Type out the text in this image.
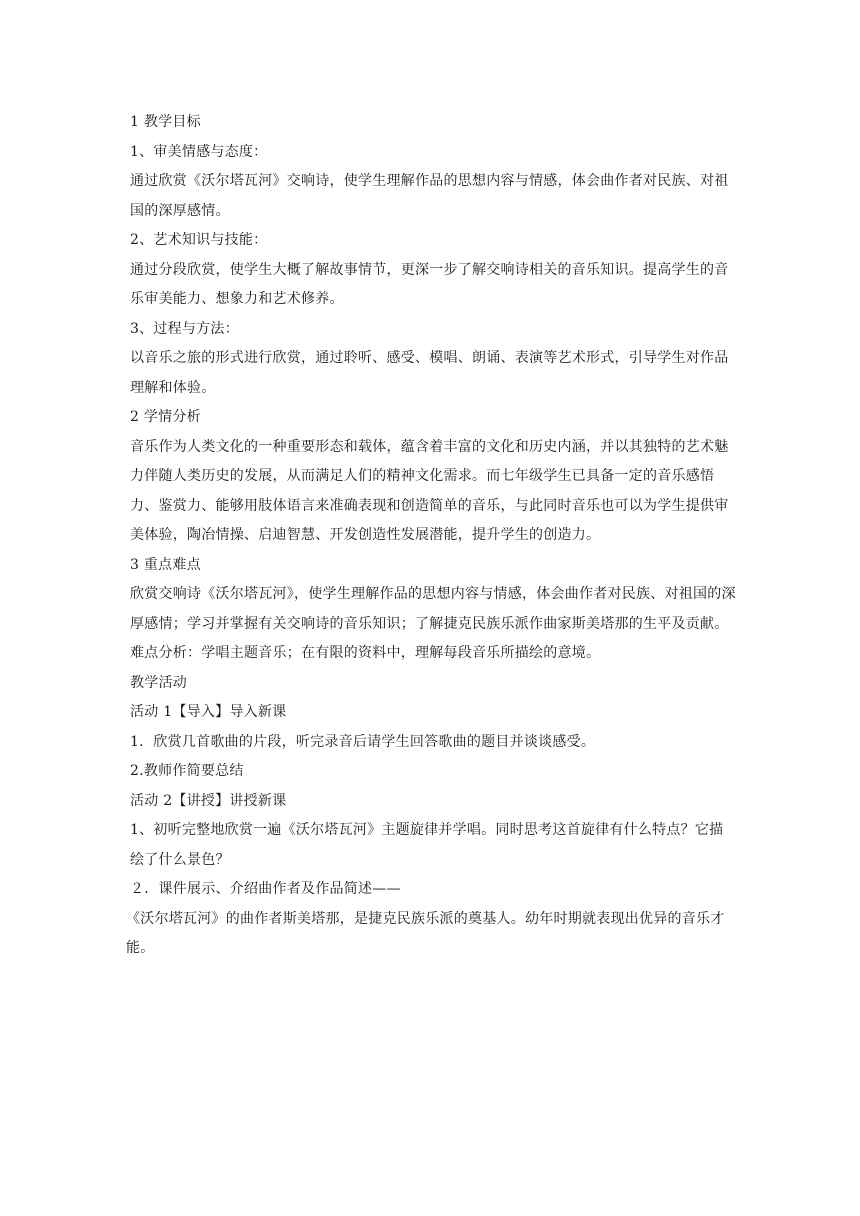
1 教学目标

1、审美情感与态度：

通过欣赏《沃尔塔瓦河》交响诗，使学生理解作品的思想内容与情感，体会曲作者对民族、对祖国的深厚感情。

2、艺术知识与技能：

通过分段欣赏，使学生大概了解故事情节，更深一步了解交响诗相关的音乐知识。提高学生的音乐审美能力、想象力和艺术修养。

3、过程与方法：

以音乐之旅的形式进行欣赏，通过聆听、感受、模唱、朗诵、表演等艺术形式，引导学生对作品理解和体验。

2 学情分析

音乐作为人类文化的一种重要形态和载体，蕴含着丰富的文化和历史内涵，并以其独特的艺术魅力伴随人类历史的发展，从而满足人们的精神文化需求。而七年级学生已具备一定的音乐感悟力、鉴赏力、能够用肢体语言来准确表现和创造简单的音乐，与此同时音乐也可以为学生提供审美体验，陶冶情操、启迪智慧、开发创造性发展潜能，提升学生的创造力。

3 重点难点

欣赏交响诗《沃尔塔瓦河》，使学生理解作品的思想内容与情感，体会曲作者对民族、对祖国的深厚感情；学习并掌握有关交响诗的音乐知识；了解捷克民族乐派作曲家斯美塔那的生平及贡献。

难点分析：学唱主题音乐；在有限的资料中，理解每段音乐所描绘的意境。

教学活动

活动 1【导入】导入新课

1．欣赏几首歌曲的片段，听完录音后请学生回答歌曲的题目并谈谈感受。

2.教师作简要总结

活动 2【讲授】讲授新课

1、初听完整地欣赏一遍《沃尔塔瓦河》主题旋律并学唱。同时思考这首旋律有什么特点？它描绘了什么景色？

２．课件展示、介绍曲作者及作品简述——

《沃尔塔瓦河》的曲作者斯美塔那，是捷克民族乐派的奠基人。幼年时期就表现出优异的音乐才能。
